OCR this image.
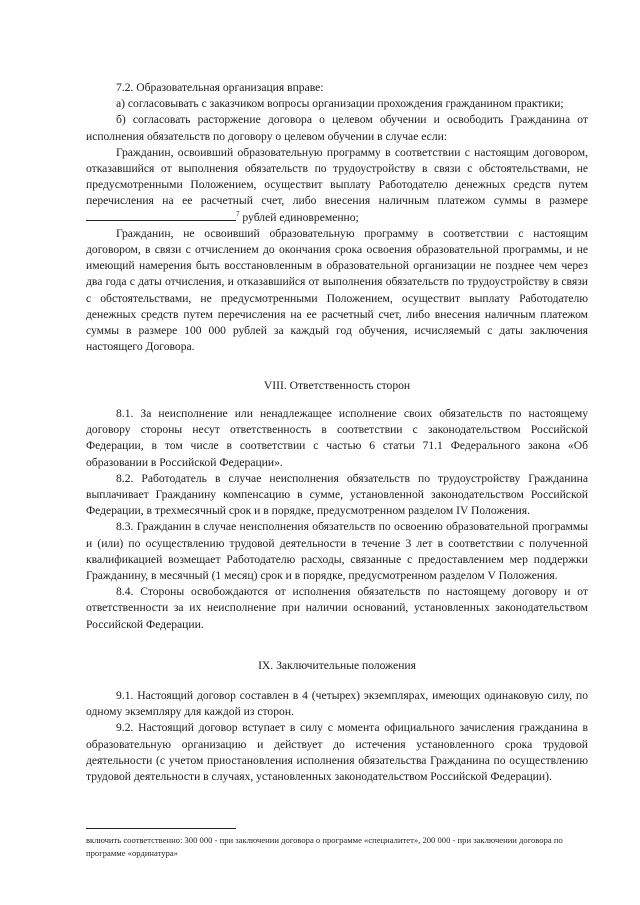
7.2. Образовательная организация вправе:

а) согласовывать с заказчиком вопросы организации прохождения гражданином практики;

б) согласовать расторжение договора о целевом обучении и освободить Гражданина от исполнения обязательств по договору о целевом обучении в случае если:

Гражданин, освоивший образовательную программу в соответствии с настоящим договором, отказавшийся от выполнения обязательств по трудоустройству в связи с обстоятельствами, не предусмотренными Положением, осуществит выплату Работодателю денежных средств путем перечисления на ее расчетный счет, либо внесения наличным платежом суммы в размере $^7$ рублей единовременно;

Гражданин, не освоивший образовательную программу в соответствии с настоящим договором, в связи с отчислением до окончания срока освоения образовательной программы, и не имеющий намерения быть восстановленным в образовательной организации не позднее чем через два года с даты отчисления, и отказавшийся от выполнения обязательств по трудоустройству в связи с обстоятельствами, не предусмотренными Положением, осуществит выплату Работодателю денежных средств путем перечисления на ее расчетный счет, либо внесения наличным платежом суммы в размере 100 000 рублей за каждый год обучения, исчисляемый с даты заключения настоящего Договора.

VIII. Ответственность сторон

8.1. За неисполнение или ненадлежащее исполнение своих обязательств по настоящему договору стороны несут ответственность в соответствии с законодательством Российской Федерации, в том числе в соответствии с частью 6 статьи 71.1 Федерального закона «Об образовании в Российской Федерации».

8.2. Работодатель в случае неисполнения обязательств по трудоустройству Гражданина выплачивает Гражданину компенсацию в сумме, установленной законодательством Российской Федерации, в трехмесячный срок и в порядке, предусмотренном разделом IV Положения.

8.3. Гражданин в случае неисполнения обязательств по освоению образовательной программы и (или) по осуществлению трудовой деятельности в течение 3 лет в соответствии с полученной квалификацией возмещает Работодателю расходы, связанные с предоставлением мер поддержки Гражданину, в месячный (1 месяц) срок и в порядке, предусмотренном разделом V Положения.

8.4. Стороны освобождаются от исполнения обязательств по настоящему договору и от ответственности за их неисполнение при наличии оснований, установленных законодательством Российской Федерации.

IX. Заключительные положения

9.1. Настоящий договор составлен в 4 (четырех) экземплярах, имеющих одинаковую силу, по одному экземпляру для каждой из сторон.

9.2. Настоящий договор вступает в силу с момента официального зачисления гражданина в образовательную организацию и действует до истечения установленного срока трудовой деятельности (с учетом приостановления исполнения обязательства Гражданина по осуществлению трудовой деятельности в случаях, установленных законодательством Российской Федерации).

включить соответственно: 300 000 - при заключении договора о программе «специалитет», 200 000 - при заключении договора по программе «ординатура»
